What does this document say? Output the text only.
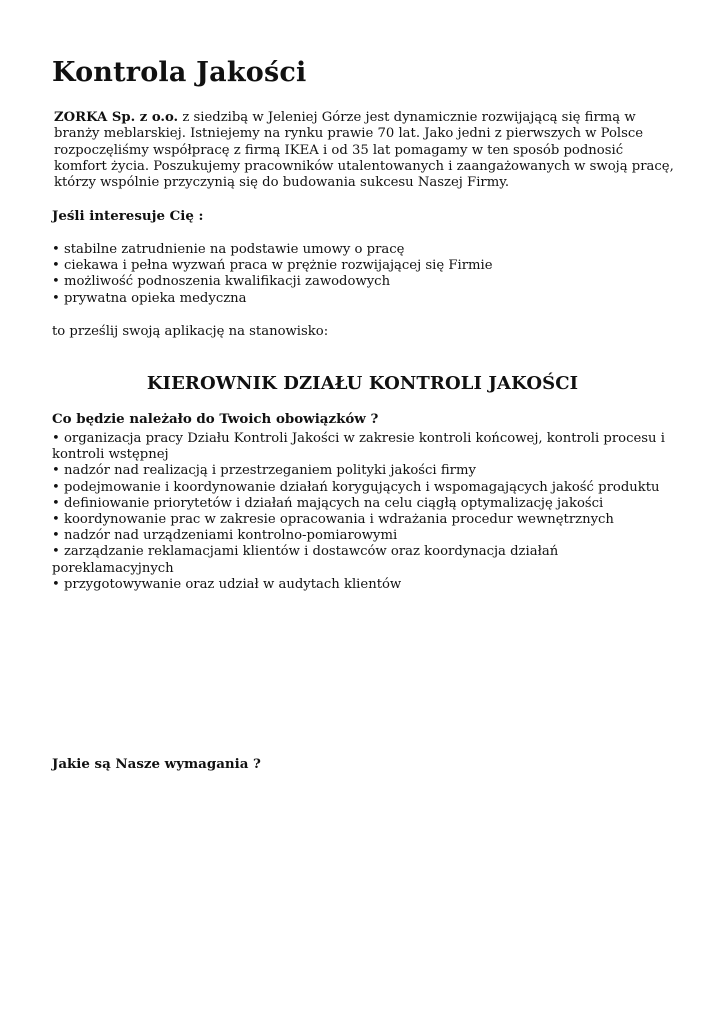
Kontrola Jakości

ZORKA Sp. z o.o. z siedzibą w Jeleniej Górze jest dynamicznie rozwijającą się firmą w branży meblarskiej. Istniejemy na rynku prawie 70 lat. Jako jedni z pierwszych w Polsce rozpoczęliśmy współpracę z firmą IKEA i od 35 lat pomagamy w ten sposób podnosić komfort życia. Poszukujemy pracowników utalentowanych i zaangażowanych w swoją pracę, którzy wspólnie przyczynią się do budowania sukcesu Naszej Firmy.

Jeśli interesuje Cię :

• stabilne zatrudnienie na podstawie umowy o pracę
• ciekawa i pełna wyzwań praca w prężnie rozwijającej się Firmie
• możliwość podnoszenia kwalifikacji zawodowych
• prywatna opieka medyczna

to prześlij swoją aplikację na stanowisko:

KIEROWNIK DZIAŁU KONTROLI JAKOŚCI

Co będzie należało do Twoich obowiązków ?

• organizacja pracy Działu Kontroli Jakości w zakresie kontroli końcowej, kontroli procesu i kontroli wstępnej
• nadzór nad realizacją i przestrzeganiem polityki jakości firmy
• podejmowanie i koordynowanie działań korygujących i wspomagających jakość produktu
• definiowanie priorytetów i działań mających na celu ciągłą optymalizację jakości
• koordynowanie prac w zakresie opracowania i wdrażania procedur wewnętrznych
• nadzór nad urządzeniami kontrolno-pomiarowymi
• zarządzanie reklamacjami klientów i dostawców oraz koordynacja działań poreklamacyjnych
• przygotowywanie oraz udział w audytach klientów

Jakie są Nasze wymagania ?
